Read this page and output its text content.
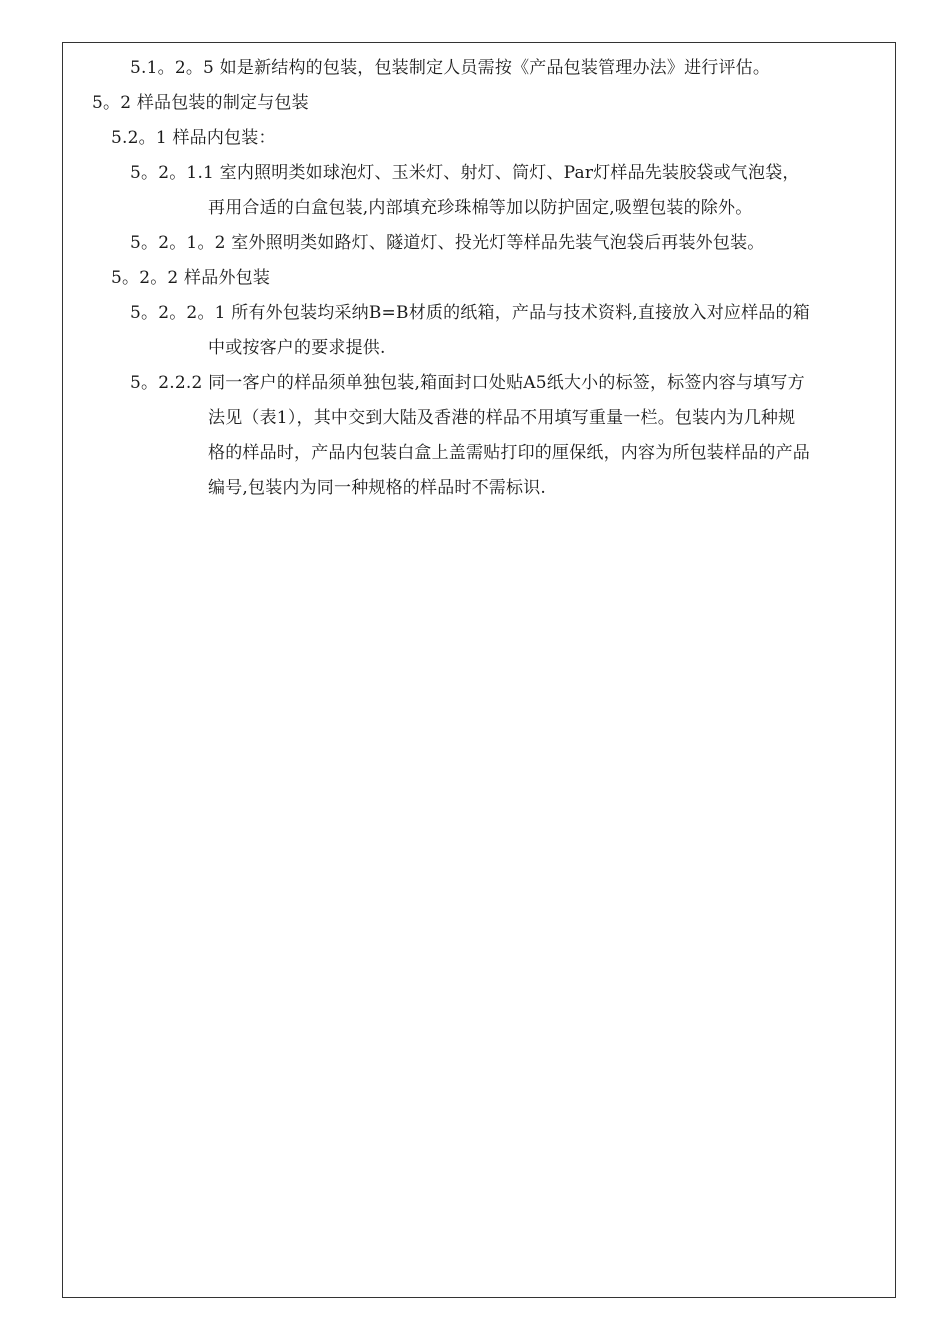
5.1。2。5 如是新结构的包装，包装制定人员需按《产品包装管理办法》进行评估。
5。2 样品包装的制定与包装
5.2。1 样品内包装：
5。2。1.1 室内照明类如球泡灯、玉米灯、射灯、筒灯、Par灯样品先装胶袋或气泡袋，
再用合适的白盒包装,内部填充珍珠棉等加以防护固定,吸塑包装的除外。
5。2。1。2 室外照明类如路灯、隧道灯、投光灯等样品先装气泡袋后再装外包装。
5。2。2 样品外包装
5。2。2。1 所有外包装均采纳B=B材质的纸箱，产品与技术资料,直接放入对应样品的箱
中或按客户的要求提供.
5。2.2.2 同一客户的样品须单独包装,箱面封口处贴A5纸大小的标签，标签内容与填写方
法见（表1），其中交到大陆及香港的样品不用填写重量一栏。包装内为几种规
格的样品时，产品内包装白盒上盖需贴打印的厘保纸，内容为所包装样品的产品
编号,包装内为同一种规格的样品时不需标识.
